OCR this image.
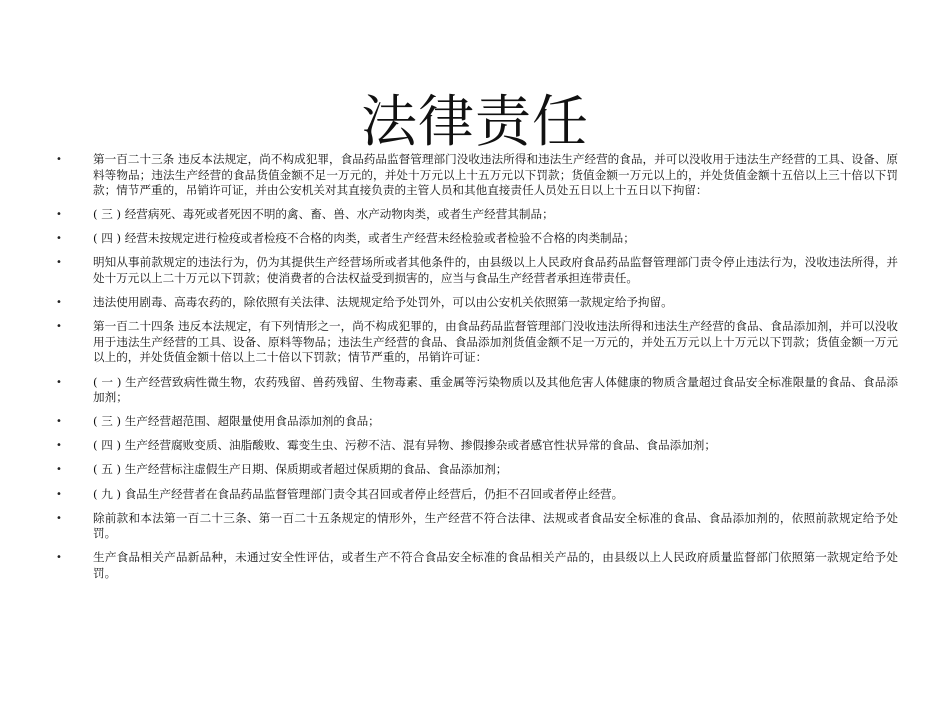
法律责任
•	第一百二十三条 违反本法规定，尚不构成犯罪，食品药品监督管理部门没收违法所得和违法生产经营的食品，并可以没收用于违法生产经营的工具、设备、原料等物品；违法生产经营的食品货值金额不足一万元的，并处十万元以上十五万元以下罚款；货值金额一万元以上的，并处货值金额十五倍以上三十倍以下罚款；情节严重的，吊销许可证，并由公安机关对其直接负责的主管人员和其他直接责任人员处五日以上十五日以下拘留：
•	( 三 ) 经营病死、毒死或者死因不明的禽、畜、兽、水产动物肉类，或者生产经营其制品；
•	( 四 ) 经营未按规定进行检疫或者检疫不合格的肉类，或者生产经营未经检验或者检验不合格的肉类制品；
•	明知从事前款规定的违法行为，仍为其提供生产经营场所或者其他条件的，由县级以上人民政府食品药品监督管理部门责令停止违法行为，没收违法所得，并处十万元以上二十万元以下罚款；使消费者的合法权益受到损害的，应当与食品生产经营者承担连带责任。
•	违法使用剧毒、高毒农药的，除依照有关法律、法规规定给予处罚外，可以由公安机关依照第一款规定给予拘留。
•	第一百二十四条 违反本法规定，有下列情形之一，尚不构成犯罪的，由食品药品监督管理部门没收违法所得和违法生产经营的食品、食品添加剂，并可以没收用于违法生产经营的工具、设备、原料等物品；违法生产经营的食品、食品添加剂货值金额不足一万元的，并处五万元以上十万元以下罚款；货值金额一万元以上的，并处货值金额十倍以上二十倍以下罚款；情节严重的，吊销许可证：
•	( 一 ) 生产经营致病性微生物，农药残留、兽药残留、生物毒素、重金属等污染物质以及其他危害人体健康的物质含量超过食品安全标准限量的食品、食品添加剂；
•	( 三 ) 生产经营超范围、超限量使用食品添加剂的食品；
•	( 四 ) 生产经营腐败变质、油脂酸败、霉变生虫、污秽不洁、混有异物、掺假掺杂或者感官性状异常的食品、食品添加剂；
•	( 五 ) 生产经营标注虚假生产日期、保质期或者超过保质期的食品、食品添加剂；
•	( 九 ) 食品生产经营者在食品药品监督管理部门责令其召回或者停止经营后，仍拒不召回或者停止经营。
•	除前款和本法第一百二十三条、第一百二十五条规定的情形外，生产经营不符合法律、法规或者食品安全标准的食品、食品添加剂的，依照前款规定给予处罚。
•	生产食品相关产品新品种，未通过安全性评估，或者生产不符合食品安全标准的食品相关产品的，由县级以上人民政府质量监督部门依照第一款规定给予处罚。
